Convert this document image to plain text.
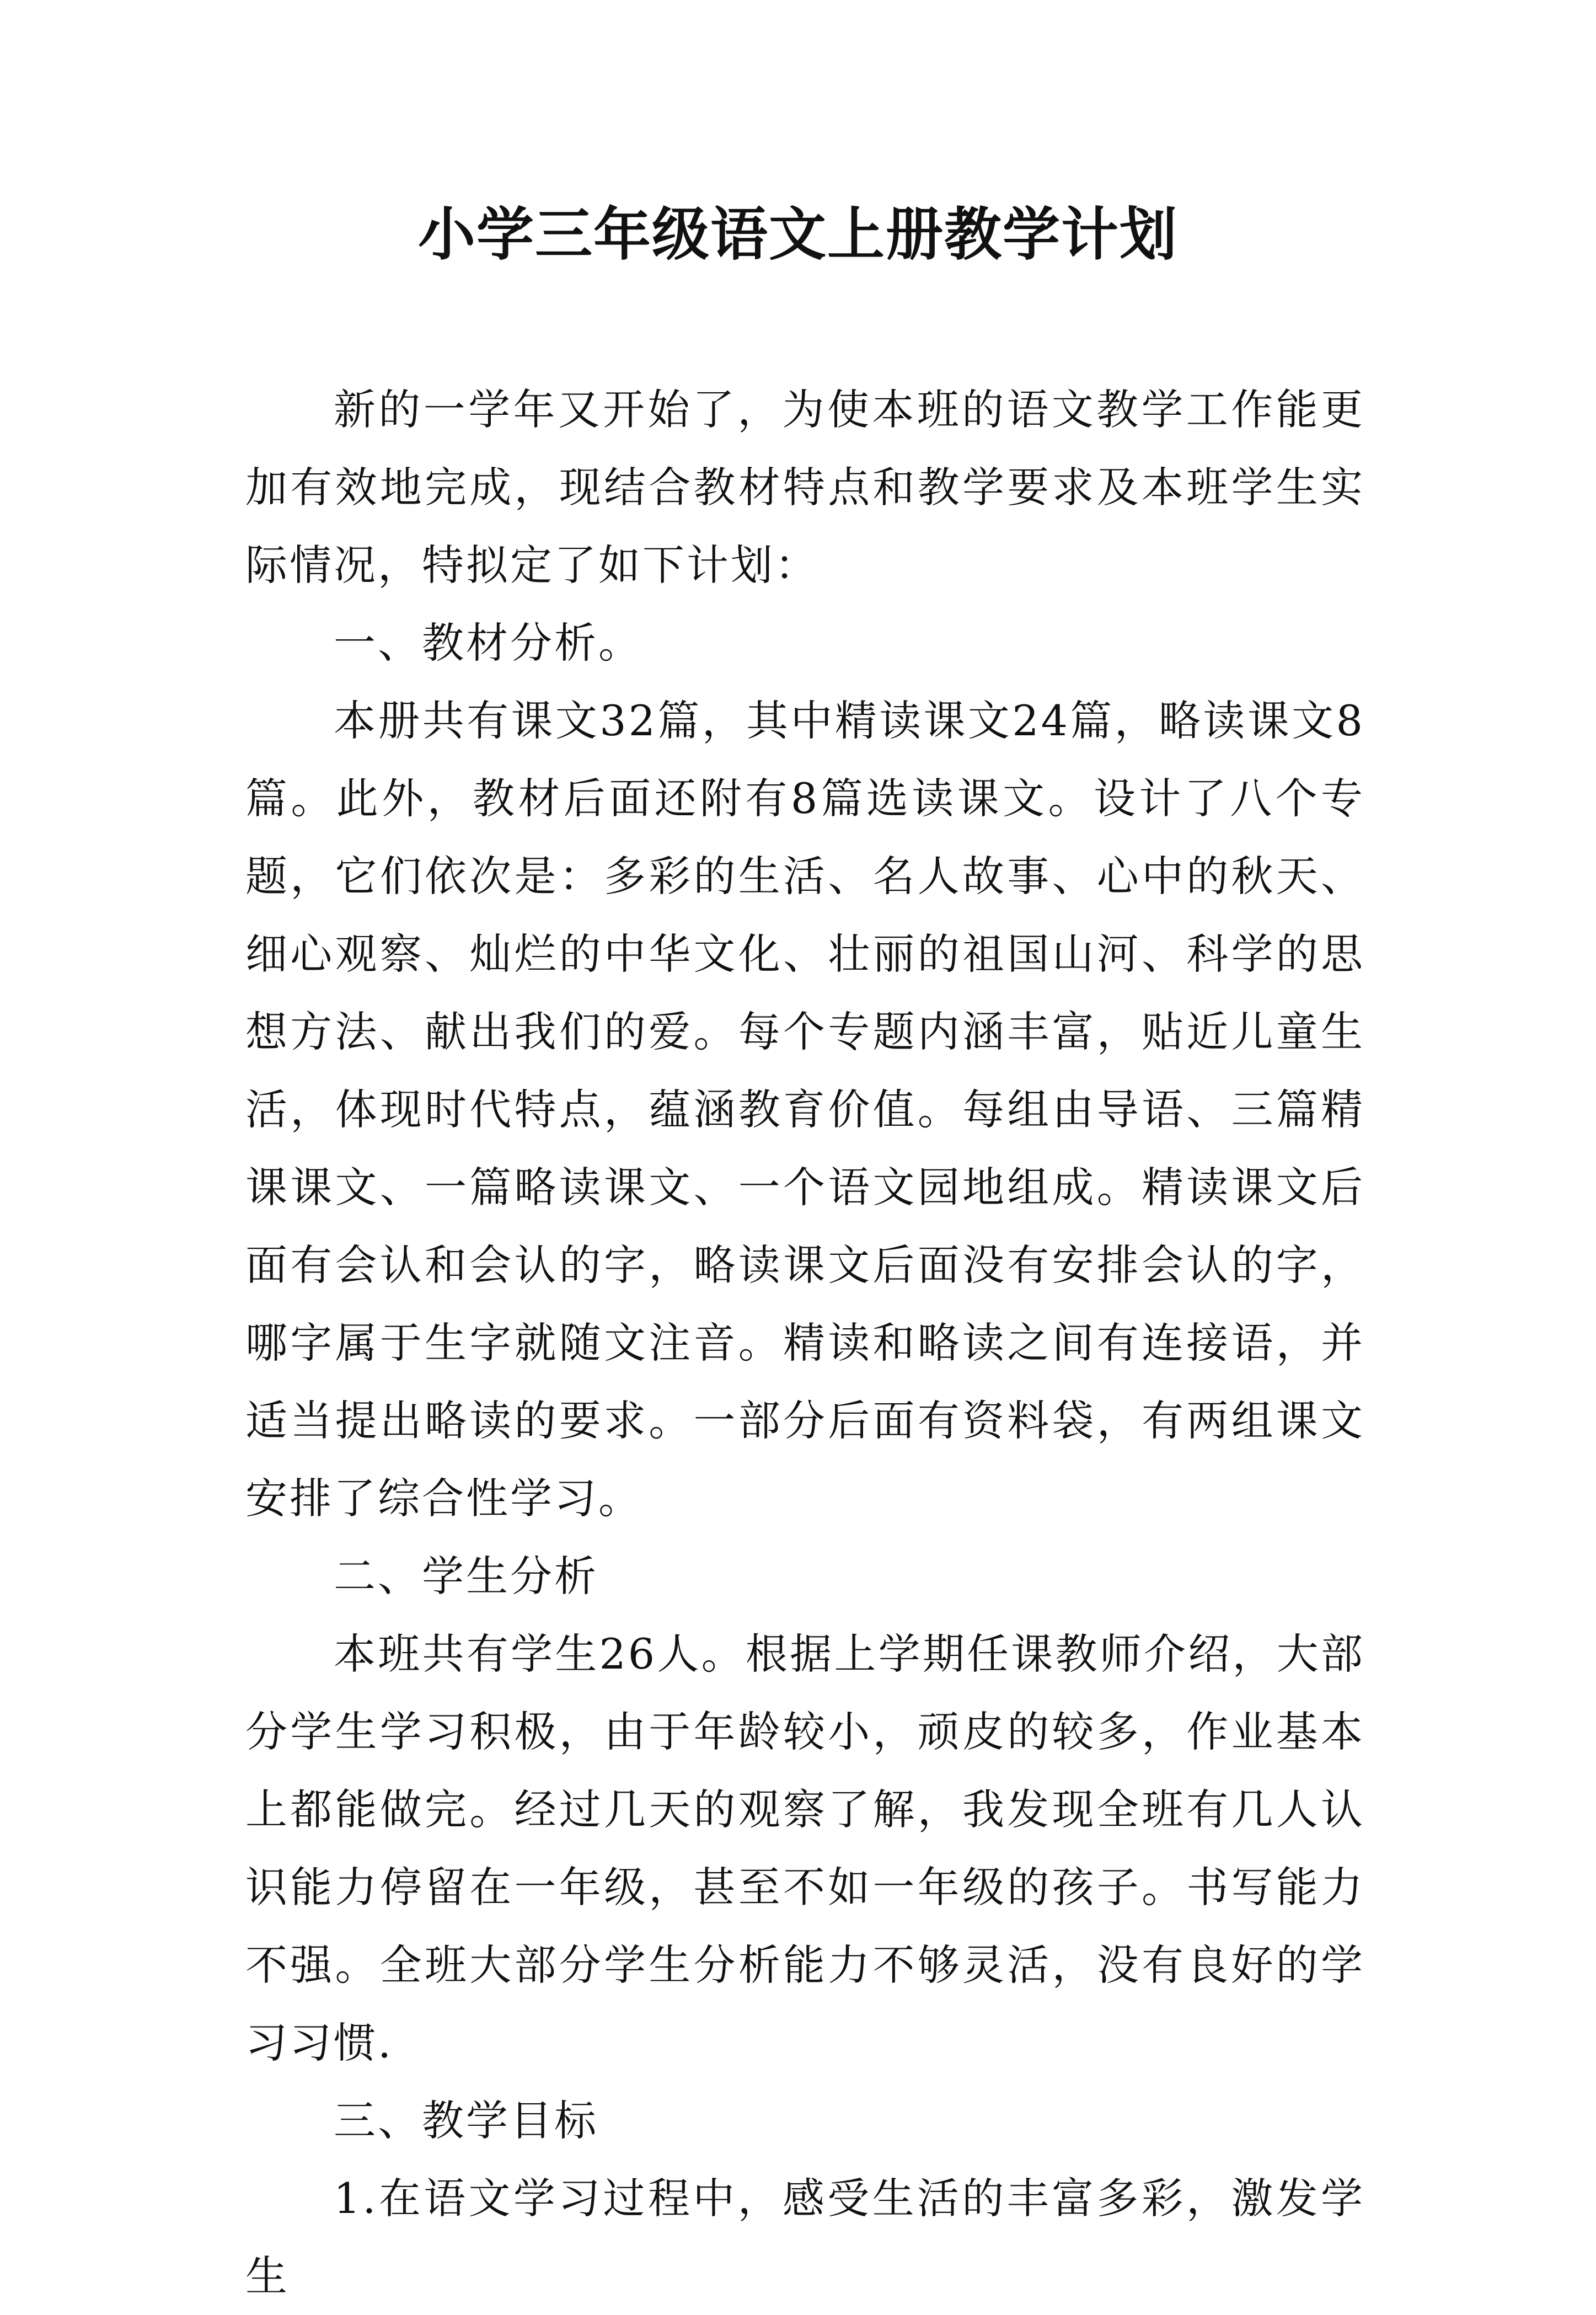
小学三年级语文上册教学计划

新的一学年又开始了，为使本班的语文教学工作能更加有效地完成，现结合教材特点和教学要求及本班学生实际情况，特拟定了如下计划：

一、教材分析。

本册共有课文32篇，其中精读课文24篇，略读课文8篇。此外，教材后面还附有8篇选读课文。设计了八个专题，它们依次是：多彩的生活、名人故事、心中的秋天、细心观察、灿烂的中华文化、壮丽的祖国山河、科学的思想方法、献出我们的爱。每个专题内涵丰富，贴近儿童生活，体现时代特点，蕴涵教育价值。每组由导语、三篇精课课文、一篇略读课文、一个语文园地组成。精读课文后面有会认和会认的字，略读课文后面没有安排会认的字，哪字属于生字就随文注音。精读和略读之间有连接语，并适当提出略读的要求。一部分后面有资料袋，有两组课文安排了综合性学习。

二、学生分析

本班共有学生26人。根据上学期任课教师介绍，大部分学生学习积极，由于年龄较小，顽皮的较多，作业基本上都能做完。经过几天的观察了解，我发现全班有几人认识能力停留在一年级，甚至不如一年级的孩子。书写能力不强。全班大部分学生分析能力不够灵活，没有良好的学习习惯.

三、教学目标

1.在语文学习过程中，感受生活的丰富多彩，激发学生
